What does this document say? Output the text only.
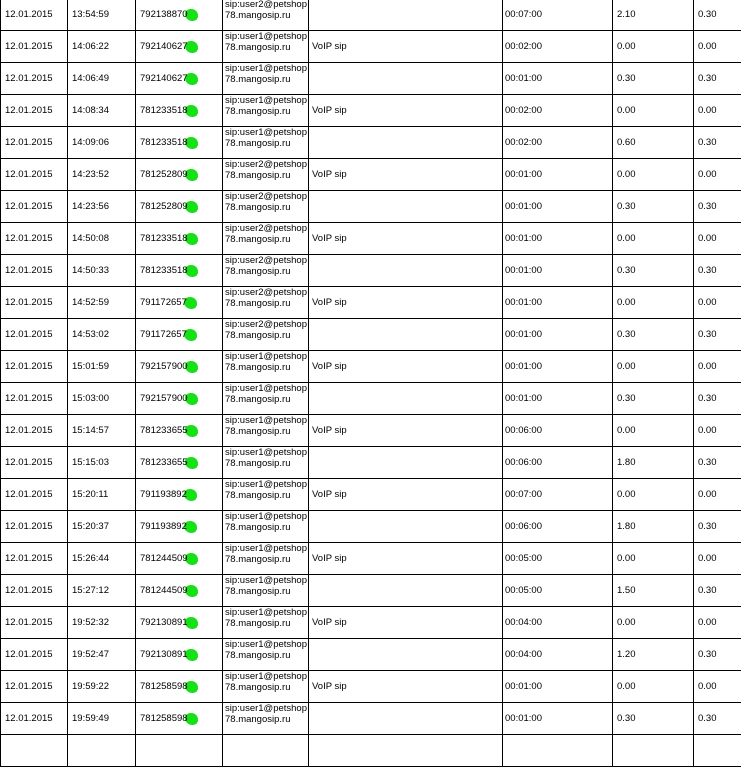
12.01.2015	13:54:59	792138870	sip:user2@petshop
78.mangosip.ru		00:07:00	2.10	0.30
12.01.2015	14:06:22	792140627	sip:user1@petshop
78.mangosip.ru	VoIP sip	00:02:00	0.00	0.00
12.01.2015	14:06:49	792140627	sip:user1@petshop
78.mangosip.ru		00:01:00	0.30	0.30
12.01.2015	14:08:34	781233518	sip:user1@petshop
78.mangosip.ru	VoIP sip	00:02:00	0.00	0.00
12.01.2015	14:09:06	781233518	sip:user1@petshop
78.mangosip.ru		00:02:00	0.60	0.30
12.01.2015	14:23:52	781252809	sip:user2@petshop
78.mangosip.ru	VoIP sip	00:01:00	0.00	0.00
12.01.2015	14:23:56	781252809	sip:user2@petshop
78.mangosip.ru		00:01:00	0.30	0.30
12.01.2015	14:50:08	781233518	sip:user2@petshop
78.mangosip.ru	VoIP sip	00:01:00	0.00	0.00
12.01.2015	14:50:33	781233518	sip:user2@petshop
78.mangosip.ru		00:01:00	0.30	0.30
12.01.2015	14:52:59	791172657	sip:user2@petshop
78.mangosip.ru	VoIP sip	00:01:00	0.00	0.00
12.01.2015	14:53:02	791172657	sip:user2@petshop
78.mangosip.ru		00:01:00	0.30	0.30
12.01.2015	15:01:59	792157900	sip:user1@petshop
78.mangosip.ru	VoIP sip	00:01:00	0.00	0.00
12.01.2015	15:03:00	792157900	sip:user1@petshop
78.mangosip.ru		00:01:00	0.30	0.30
12.01.2015	15:14:57	781233655	sip:user1@petshop
78.mangosip.ru	VoIP sip	00:06:00	0.00	0.00
12.01.2015	15:15:03	781233655	sip:user1@petshop
78.mangosip.ru		00:06:00	1.80	0.30
12.01.2015	15:20:11	791193892	sip:user1@petshop
78.mangosip.ru	VoIP sip	00:07:00	0.00	0.00
12.01.2015	15:20:37	791193892	sip:user1@petshop
78.mangosip.ru		00:06:00	1.80	0.30
12.01.2015	15:26:44	781244509	sip:user1@petshop
78.mangosip.ru	VoIP sip	00:05:00	0.00	0.00
12.01.2015	15:27:12	781244509	sip:user1@petshop
78.mangosip.ru		00:05:00	1.50	0.30
12.01.2015	19:52:32	792130891	sip:user1@petshop
78.mangosip.ru	VoIP sip	00:04:00	0.00	0.00
12.01.2015	19:52:47	792130891	sip:user1@petshop
78.mangosip.ru		00:04:00	1.20	0.30
12.01.2015	19:59:22	781258598	sip:user1@petshop
78.mangosip.ru	VoIP sip	00:01:00	0.00	0.00
12.01.2015	19:59:49	781258598	sip:user1@petshop
78.mangosip.ru		00:01:00	0.30	0.30
